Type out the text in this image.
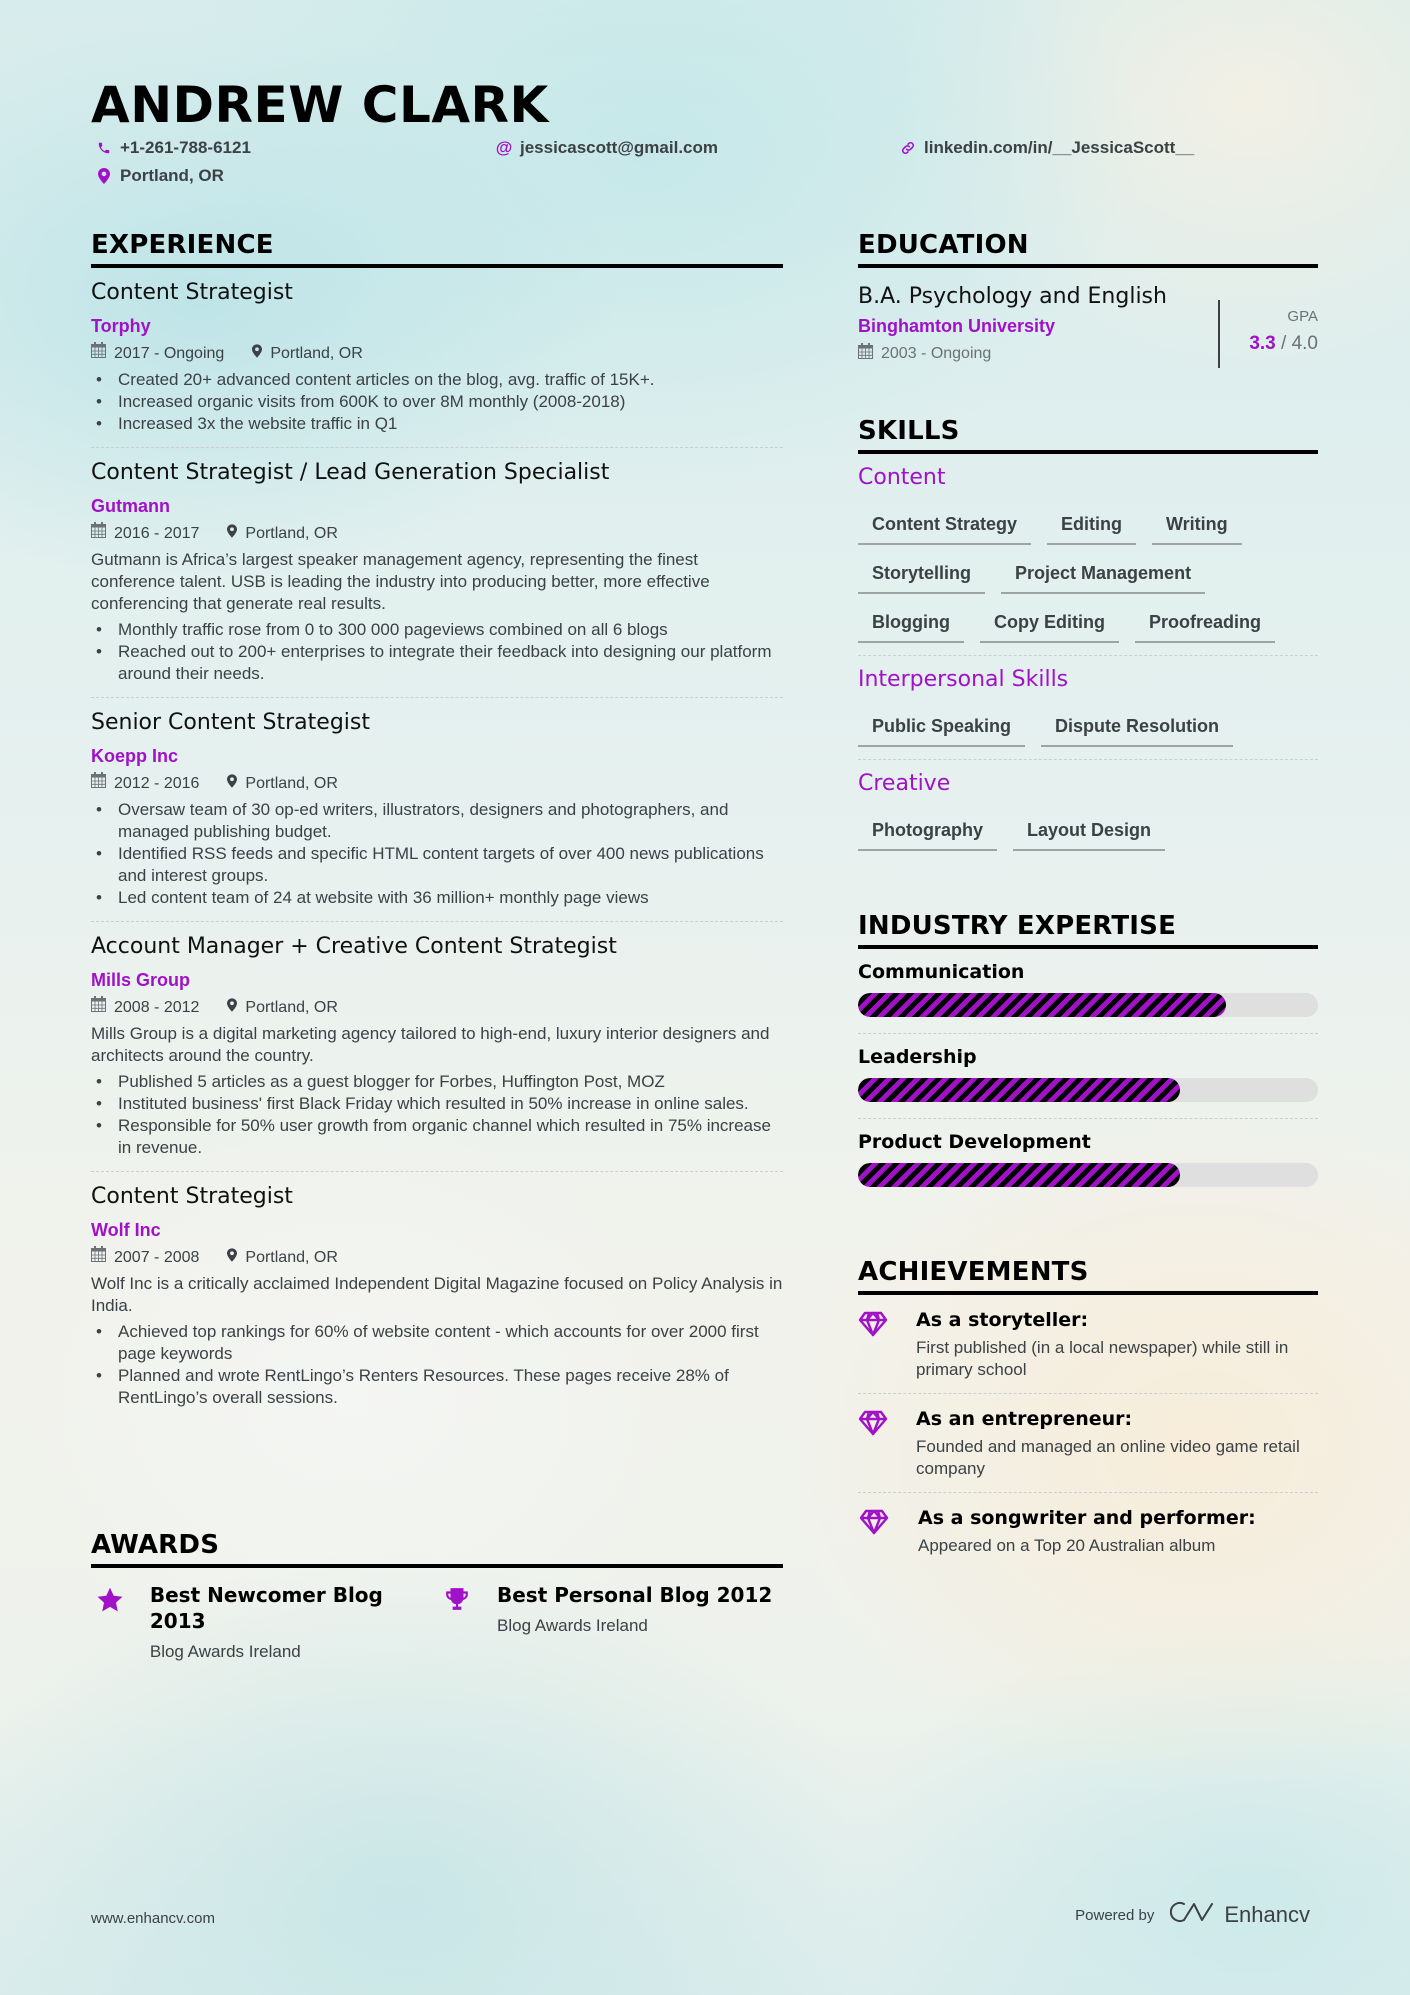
ANDREW CLARK
+1-261-788-6121	@ jessicascott@gmail.com	linkedin.com/in/__JessicaScott__
Portland, OR
EXPERIENCE
Content Strategist
Torphy
2017 - Ongoing	Portland, OR
• Created 20+ advanced content articles on the blog, avg. traffic of 15K+.
• Increased organic visits from 600K to over 8M monthly (2008-2018)
• Increased 3x the website traffic in Q1
Content Strategist / Lead Generation Specialist
Gutmann
2016 - 2017	Portland, OR

Gutmann is Africa’s largest speaker management agency, representing the finest conference talent. USB is leading the industry into producing better, more effective conferencing that generate real results.

• Monthly traffic rose from 0 to 300 000 pageviews combined on all 6 blogs
• Reached out to 200+ enterprises to integrate their feedback into designing our platform around their needs.
Senior Content Strategist
Koepp Inc
2012 - 2016	Portland, OR
• Oversaw team of 30 op-ed writers, illustrators, designers and photographers, and managed publishing budget.
• Identified RSS feeds and specific HTML content targets of over 400 news publications and interest groups.
• Led content team of 24 at website with 36 million+ monthly page views
Account Manager + Creative Content Strategist
Mills Group
2008 - 2012	Portland, OR

Mills Group is a digital marketing agency tailored to high-end, luxury interior designers and architects around the country.

• Published 5 articles as a guest blogger for Forbes, Huffington Post, MOZ
• Instituted business' first Black Friday which resulted in 50% increase in online sales.
• Responsible for 50% user growth from organic channel which resulted in 75% increase in revenue.
Content Strategist
Wolf Inc
2007 - 2008	Portland, OR

Wolf Inc is a critically acclaimed Independent Digital Magazine focused on Policy Analysis in India.

• Achieved top rankings for 60% of website content - which accounts for over 2000 first page keywords
• Planned and wrote RentLingo’s Renters Resources. These pages receive 28% of RentLingo’s overall sessions.
AWARDS
Best Newcomer Blog 2013
Blog Awards Ireland
Best Personal Blog 2012
Blog Awards Ireland
EDUCATION
B.A. Psychology and English
Binghamton University
2003 - Ongoing
GPA
3.3 / 4.0
SKILLS
Content
Content Strategy	Editing	Writing
Storytelling	Project Management
Blogging	Copy Editing	Proofreading
Interpersonal Skills
Public Speaking	Dispute Resolution
Creative
Photography	Layout Design
INDUSTRY EXPERTISE
Communication
Leadership
Product Development
ACHIEVEMENTS
As a storyteller:
First published (in a local newspaper) while still in primary school
As an entrepreneur:
Founded and managed an online video game retail company
As a songwriter and performer:
Appeared on a Top 20 Australian album
www.enhancv.com	Powered by	Enhancv
